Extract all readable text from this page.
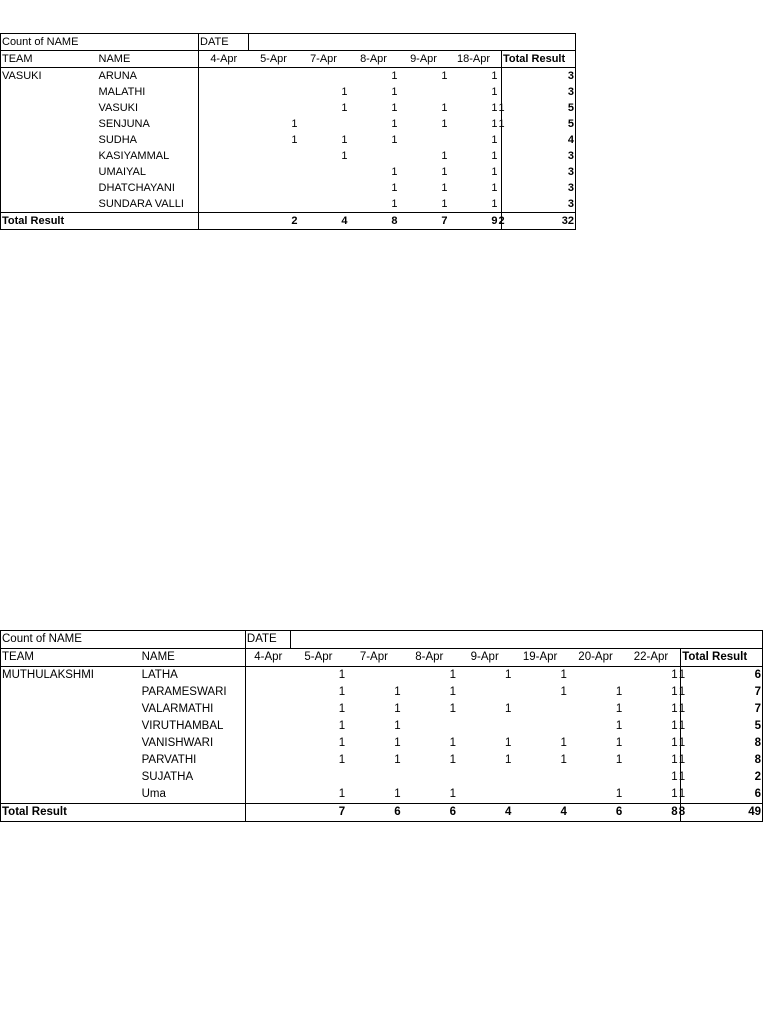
Count of NAME		DATE							
TEAM	NAME	4-Apr	5-Apr	7-Apr	8-Apr	9-Apr	18-Apr		Total Result
VASUKI	ARUNA				1	1	1		3
	MALATHI			1	1		1		3
	VASUKI			1	1	1	1	1	5
	SENJUNA		1		1	1	1	1	5
	SUDHA		1	1	1		1		4
	KASIYAMMAL			1		1	1		3
	UMAIYAL				1	1	1		3
	DHATCHAYANI				1	1	1		3
	SUNDARA VALLI				1	1	1		3
Total Result			2	4	8	7	9	2	32
Count of NAME		DATE									
TEAM	NAME	4-Apr	5-Apr	7-Apr	8-Apr	9-Apr	19-Apr	20-Apr	22-Apr		Total Result
MUTHULAKSHMI	LATHA		1		1	1	1		1	1	6
	PARAMESWARI		1	1	1		1	1	1	1	7
	VALARMATHI		1	1	1	1		1	1	1	7
	VIRUTHAMBAL		1	1				1	1	1	5
	VANISHWARI		1	1	1	1	1	1	1	1	8
	PARVATHI		1	1	1	1	1	1	1	1	8
	SUJATHA								1	1	2
	Uma		1	1	1			1	1	1	6
Total Result			7	6	6	4	4	6	8	8	49
